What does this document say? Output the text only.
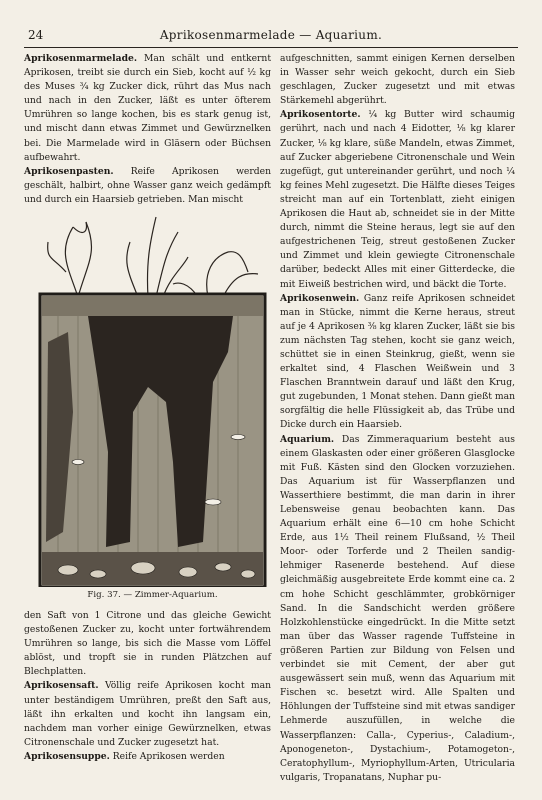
24	Aprikosenmarmelade — Aquarium.

Aprikosenmarmelade. Man schält und entkernt Aprikosen, treibt sie durch ein Sieb, kocht auf ½ kg des Muses ¾ kg Zucker dick, rührt das Mus nach und nach in den Zucker, läßt es unter öfterem Umrühren so lange kochen, bis es stark genug ist, und mischt dann etwas Zimmet und Gewürznelken bei. Die Marmelade wird in Gläsern oder Büchsen aufbewahrt.

Aprikosenpasten. Reife Aprikosen werden geschält, halbirt, ohne Wasser ganz weich gedämpft und durch ein Haarsieb getrieben. Man mischt

Fig. 37. — Zimmer-Aquarium.

den Saft von 1 Citrone und das gleiche Gewicht gestoßenen Zucker zu, kocht unter fortwährendem Umrühren so lange, bis sich die Masse vom Löffel ablöst, und tropft sie in runden Plätzchen auf Blechplatten.

Aprikosensaft. Völlig reife Aprikosen kocht man unter beständigem Umrühren, preßt den Saft aus, läßt ihn erkalten und kocht ihn langsam ein, nachdem man vorher einige Gewürznelken, etwas Citronenschale und Zucker zugesetzt hat.

Aprikosensuppe. Reife Aprikosen werden

aufgeschnitten, sammt einigen Kernen derselben in Wasser sehr weich gekocht, durch ein Sieb geschlagen, Zucker zugesetzt und mit etwas Stärkemehl abgerührt.

Aprikosentorte. ¼ kg Butter wird schaumig gerührt, nach und nach 4 Eidotter, ⅛ kg klarer Zucker, ⅛ kg klare, süße Mandeln, etwas Zimmet, auf Zucker abgeriebene Citronenschale und Wein zugefügt, gut untereinander gerührt, und noch ¼ kg feines Mehl zugesetzt. Die Hälfte dieses Teiges streicht man auf ein Tortenblatt, zieht einigen Aprikosen die Haut ab, schneidet sie in der Mitte durch, nimmt die Steine heraus, legt sie auf den aufgestrichenen Teig, streut gestoßenen Zucker und Zimmet und klein gewiegte Citronenschale darüber, bedeckt Alles mit einer Gitterdecke, die mit Eiweiß bestrichen wird, und bäckt die Torte.

Aprikosenwein. Ganz reife Aprikosen schneidet man in Stücke, nimmt die Kerne heraus, streut auf je 4 Aprikosen ⅜ kg klaren Zucker, läßt sie bis zum nächsten Tag stehen, kocht sie ganz weich, schüttet sie in einen Steinkrug, gießt, wenn sie erkaltet sind, 4 Flaschen Weißwein und 3 Flaschen Branntwein darauf und läßt den Krug, gut zugebunden, 1 Monat stehen. Dann gießt man sorgfältig die helle Flüssigkeit ab, das Trübe und Dicke durch ein Haarsieb.

Aquarium. Das Zimmeraquarium besteht aus einem Glaskasten oder einer größeren Glasglocke mit Fuß. Kästen sind den Glocken vorzuziehen. Das Aquarium ist für Wasserpflanzen und Wasserthiere bestimmt, die man darin in ihrer Lebensweise genau beobachten kann. Das Aquarium erhält eine 6—10 cm hohe Schicht Erde, aus 1½ Theil reinem Flußsand, ½ Theil Moor- oder Torferde und 2 Theilen sandig-lehmiger Rasenerde bestehend. Auf diese gleichmäßig ausgebreitete Erde kommt eine ca. 2 cm hohe Schicht geschlämmter, grobkörniger Sand. In die Sandschicht werden größere Holzkohlenstücke eingedrückt. In die Mitte setzt man über das Wasser ragende Tuffsteine in größeren Partien zur Bildung von Felsen und verbindet sie mit Cement, der aber gut ausgewässert sein muß, wenn das Aquarium mit Fischen ꝛc. besetzt wird. Alle Spalten und Höhlungen der Tuffsteine sind mit etwas sandiger Lehmerde auszufüllen, in welche die Wasserpflanzen: Calla-, Cyperius-, Caladium-, Aponogeneton-, Dystachium-, Potamogeton-, Ceratophyllum-, Myriophyllum-Arten, Utricularia vulgaris, Tropanatans, Nuphar pu-
